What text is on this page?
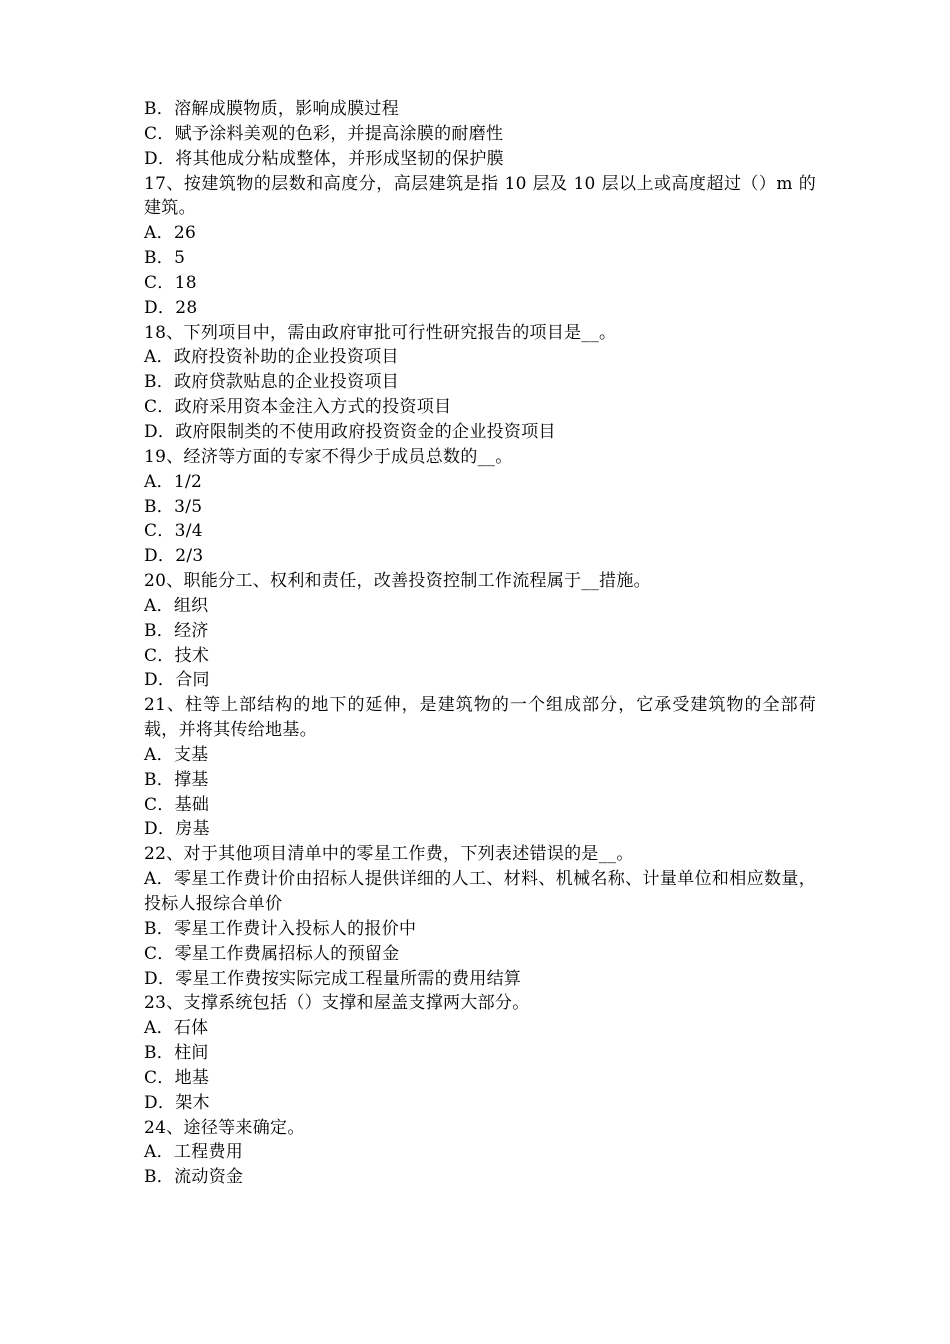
B．溶解成膜物质，影响成膜过程
C．赋予涂料美观的色彩，并提高涂膜的耐磨性
D．将其他成分粘成整体，并形成坚韧的保护膜
17、按建筑物的层数和高度分，高层建筑是指 10 层及 10 层以上或高度超过（）m 的建筑。
A．26
B．5
C．18
D．28
18、下列项目中，需由政府审批可行性研究报告的项目是__。
A．政府投资补助的企业投资项目
B．政府贷款贴息的企业投资项目
C．政府采用资本金注入方式的投资项目
D．政府限制类的不使用政府投资资金的企业投资项目
19、经济等方面的专家不得少于成员总数的__。
A．1/2
B．3/5
C．3/4
D．2/3
20、职能分工、权利和责任，改善投资控制工作流程属于__措施。
A．组织
B．经济
C．技术
D．合同
21、柱等上部结构的地下的延伸，是建筑物的一个组成部分，它承受建筑物的全部荷载，并将其传给地基。
A．支基
B．撑基
C．基础
D．房基
22、对于其他项目清单中的零星工作费，下列表述错误的是__。
A．零星工作费计价由招标人提供详细的人工、材料、机械名称、计量单位和相应数量，投标人报综合单价
B．零星工作费计入投标人的报价中
C．零星工作费属招标人的预留金
D．零星工作费按实际完成工程量所需的费用结算
23、支撑系统包括（）支撑和屋盖支撑两大部分。
A．石体
B．柱间
C．地基
D．架木
24、途径等来确定。
A．工程费用
B．流动资金
